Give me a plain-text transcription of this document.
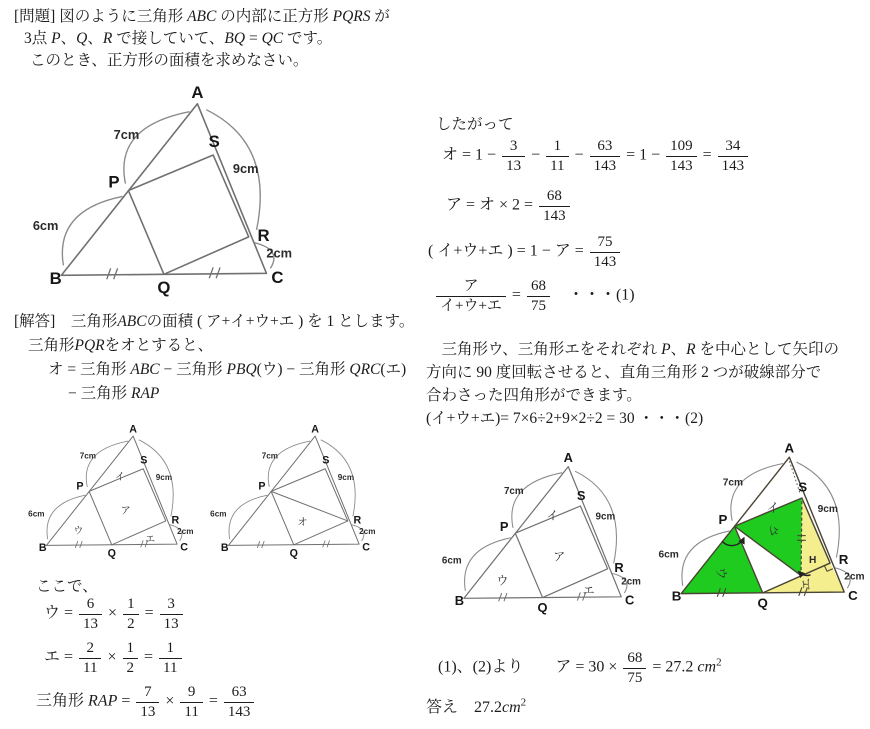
[問題] 図のように三角形 ABC の内部に正方形 PQRS が
3点 P、Q、R で接していて、BQ = QC です。
このとき、正方形の面積を求めなさい。
A
B	C
Q
P
S
R
7cm
9cm
6cm
2cm
[解答]　三角形ABCの面積 ( ア+イ+ウ+エ ) を 1 とします。
三角形PQRをオとすると、
オ = 三角形 ABC − 三角形 PBQ(ウ) − 三角形 QRC(エ)
− 三角形 RAP
A
B	C
Q
P
S
R
7cm
9cm
6cm
2cm
ア
イ
ウ
エ
A
B	C
Q
P
S
R
7cm
9cm
6cm
2cm
オ
ここで、
ウ = $\frac{6}{13} \times \frac{1}{2} = \frac{3}{13}$
エ = $\frac{2}{11} \times \frac{1}{2} = \frac{1}{11}$
三角形 RAP = $\frac{7}{13} \times \frac{9}{11} = \frac{63}{143}$
したがって
オ = $1 - \frac{3}{13} - \frac{1}{11} - \frac{63}{143} = 1 - \frac{109}{143} = \frac{34}{143}$
ア = オ × $2 = \frac{68}{143}$
( イ+ウ+エ ) = 1 − ア = $\frac{75}{143}$
$\frac{\text{ア}}{\text{イ+ウ+エ}} = \frac{68}{75}$ 　・・・(1)
　三角形ウ、三角形エをそれぞれ P、R を中心として矢印の
方向に 90 度回転させると、直角三角形 2 つが破線部分で
合わさった四角形ができます。
(イ+ウ+エ)= 7×6÷2+9×2÷2 = 30 ・・・(2)
A
B	C
Q
P
S
R
7cm
9cm
6cm
2cm
ア
イ
ウ
エ
A
B	C
Q
P
S
R
H
7cm
9cm
6cm
2cm
イ
ウ
ウ
エ
(1)、(2)より　　ア = $30 \times \frac{68}{75} = 27.2$ $cm^2$
答え　$27.2cm^2$
